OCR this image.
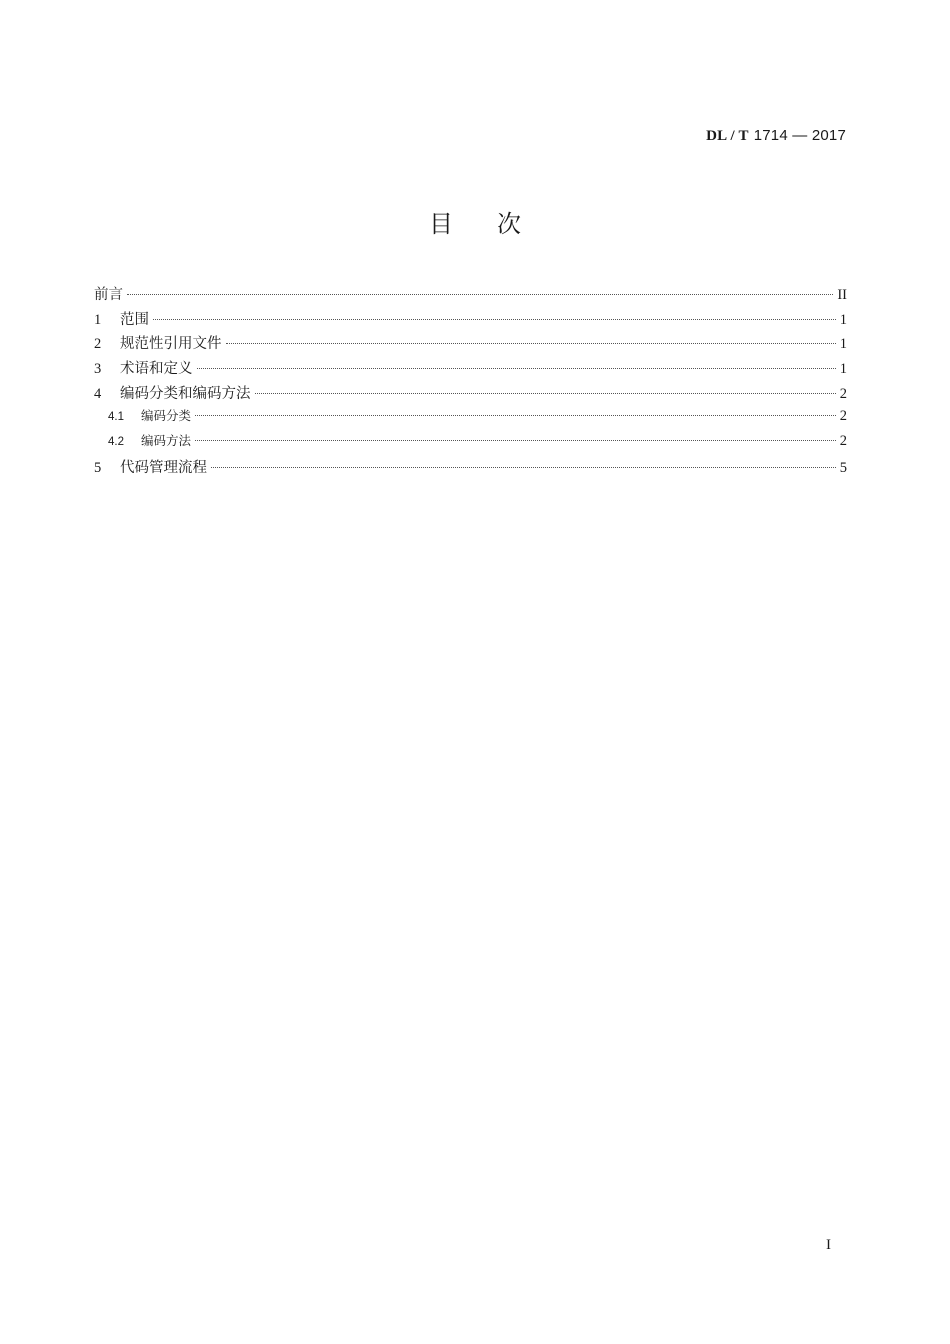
DL / T 1714 — 2017
目次
前言	II
1	范围	1
2	规范性引用文件	1
3	术语和定义	1
4	编码分类和编码方法	2
4.1	编码分类	2
4.2	编码方法	2
5	代码管理流程	5
I
